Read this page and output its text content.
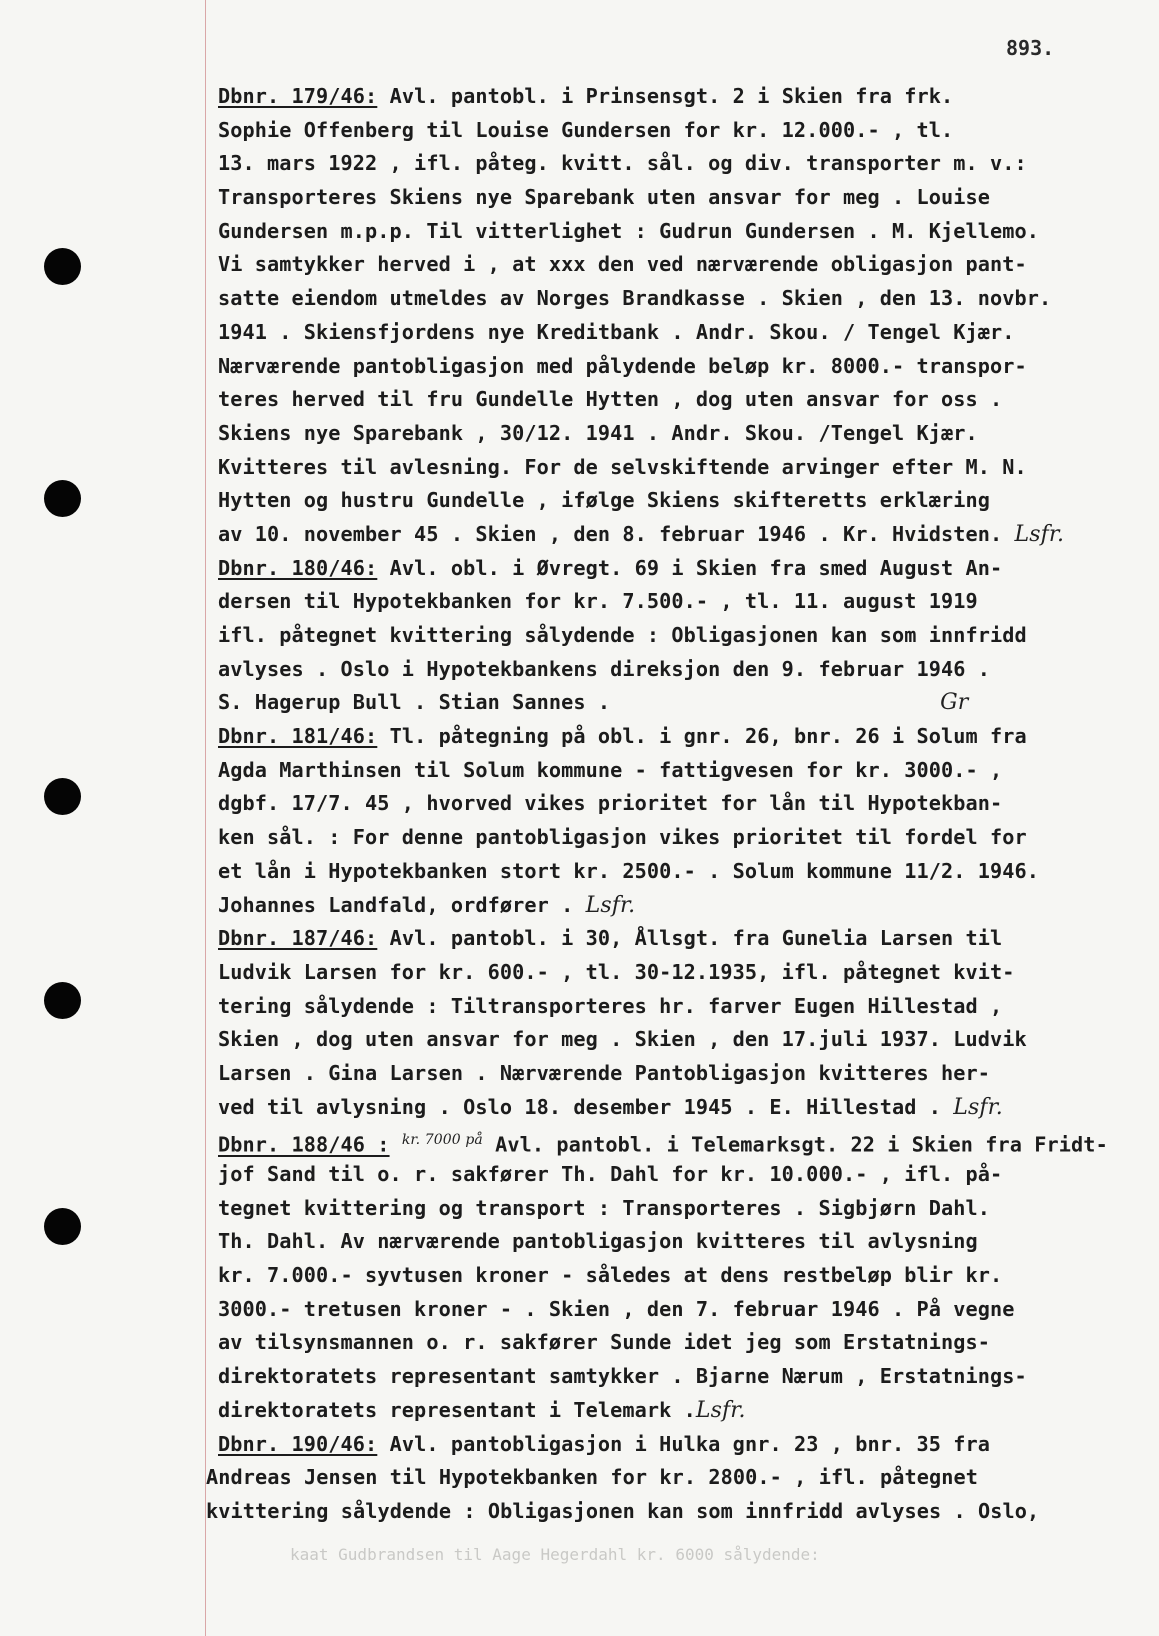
893.
Dbnr. 179/46: Avl. pantobl. i Prinsensgt. 2 i Skien fra frk.
Sophie Offenberg til Louise Gundersen for kr. 12.000.- , tl.
13. mars 1922 , ifl. påteg. kvitt. sål. og div. transporter m. v.:
Transporteres Skiens nye Sparebank uten ansvar for meg . Louise
Gundersen m.p.p. Til vitterlighet : Gudrun Gundersen . M. Kjellemo.
Vi samtykker herved i , at xxx den ved nærværende obligasjon pant-
satte eiendom utmeldes av Norges Brandkasse . Skien , den 13. novbr.
1941 . Skiensfjordens nye Kreditbank . Andr. Skou. / Tengel Kjær.
Nærværende pantobligasjon med pålydende beløp kr. 8000.- transpor-
teres herved til fru Gundelle Hytten , dog uten ansvar for oss .
Skiens nye Sparebank , 30/12. 1941 . Andr. Skou. /Tengel Kjær.
Kvitteres til avlesning. For de selvskiftende arvinger efter M. N.
Hytten og hustru Gundelle , ifølge Skiens skifteretts erklæring
av 10. november 45 . Skien , den 8. februar 1946 . Kr. Hvidsten. Lsfr.
Dbnr. 180/46: Avl. obl. i Øvregt. 69 i Skien fra smed August An-
dersen til Hypotekbanken for kr. 7.500.- , tl. 11. august 1919
ifl. påtegnet kvittering sålydende : Obligasjonen kan som innfridd
avlyses . Oslo i Hypotekbankens direksjon den 9. februar 1946 .
S. Hagerup Bull . Stian Sannes .	Gr
Dbnr. 181/46: Tl. påtegning på obl. i gnr. 26, bnr. 26 i Solum fra
Agda Marthinsen til Solum kommune - fattigvesen for kr. 3000.- ,
dgbf. 17/7. 45 , hvorved vikes prioritet for lån til Hypotekban-
ken sål. : For denne pantobligasjon vikes prioritet til fordel for
et lån i Hypotekbanken stort kr. 2500.- . Solum kommune 11/2. 1946.
Johannes Landfald, ordfører . Lsfr.
Dbnr. 187/46: Avl. pantobl. i 30, Ållsgt. fra Gunelia Larsen til
Ludvik Larsen for kr. 600.- , tl. 30-12.1935, ifl. påtegnet kvit-
tering sålydende : Tiltransporteres hr. farver Eugen Hillestad ,
Skien , dog uten ansvar for meg . Skien , den 17.juli 1937. Ludvik
Larsen . Gina Larsen . Nærværende Pantobligasjon kvitteres her-
ved til avlysning . Oslo 18. desember 1945 . E. Hillestad . Lsfr.
Dbnr. 188/46 : $^{kr. 7000 på}$ Avl. pantobl. i Telemarksgt. 22 i Skien fra Fridt-
jof Sand til o. r. sakfører Th. Dahl for kr. 10.000.- , ifl. på-
tegnet kvittering og transport : Transporteres . Sigbjørn Dahl.
Th. Dahl. Av nærværende pantobligasjon kvitteres til avlysning
kr. 7.000.- syvtusen kroner - således at dens restbeløp blir kr.
3000.- tretusen kroner - . Skien , den 7. februar 1946 . På vegne
av tilsynsmannen o. r. sakfører Sunde idet jeg som Erstatnings-
direktoratets representant samtykker . Bjarne Nærum , Erstatnings-
direktoratets representant i Telemark .Lsfr.
Dbnr. 190/46: Avl. pantobligasjon i Hulka gnr. 23 , bnr. 35 fra
Andreas Jensen til Hypotekbanken for kr. 2800.- , ifl. påtegnet
kvittering sålydende : Obligasjonen kan som innfridd avlyses . Oslo,
kaat Gudbrandsen til Aage Hegerdahl kr. 6000 sålydende:
